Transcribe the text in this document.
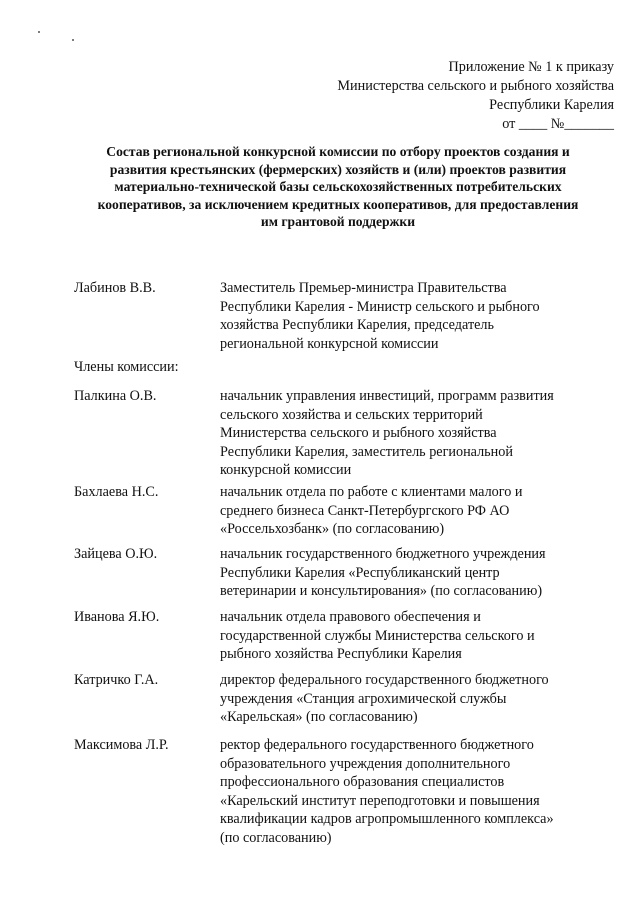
Приложение № 1 к приказу
Министерства сельского и рыбного хозяйства
Республики Карелия
от ____ №_______
Состав региональной конкурсной комиссии по отбору проектов создания и
развития крестьянских (фермерских) хозяйств и (или) проектов развития
материально-технической базы сельскохозяйственных потребительских
кооперативов, за исключением кредитных кооперативов, для предоставления
им грантовой поддержки
Лабинов В.В.	Заместитель Премьер-министра Правительства
Республики Карелия - Министр сельского и рыбного
хозяйства Республики Карелия, председатель
региональной конкурсной комиссии
Члены комиссии:
Палкина О.В.	начальник управления инвестиций, программ развития
сельского хозяйства и сельских территорий
Министерства сельского и рыбного хозяйства
Республики Карелия, заместитель региональной
конкурсной комиссии
Бахлаева Н.С.	начальник отдела по работе с клиентами малого и
среднего бизнеса Санкт-Петербургского РФ АО
«Россельхозбанк» (по согласованию)
Зайцева О.Ю.	начальник государственного бюджетного учреждения
Республики Карелия «Республиканский центр
ветеринарии и консультирования» (по согласованию)
Иванова Я.Ю.	начальник отдела правового обеспечения и
государственной службы Министерства сельского и
рыбного хозяйства Республики Карелия
Катричко Г.А.	директор федерального государственного бюджетного
учреждения «Станция агрохимической службы
«Карельская» (по согласованию)
Максимова Л.Р.	ректор федерального государственного бюджетного
образовательного учреждения дополнительного
профессионального образования специалистов
«Карельский институт переподготовки и повышения
квалификации кадров агропромышленного комплекса»
(по согласованию)
